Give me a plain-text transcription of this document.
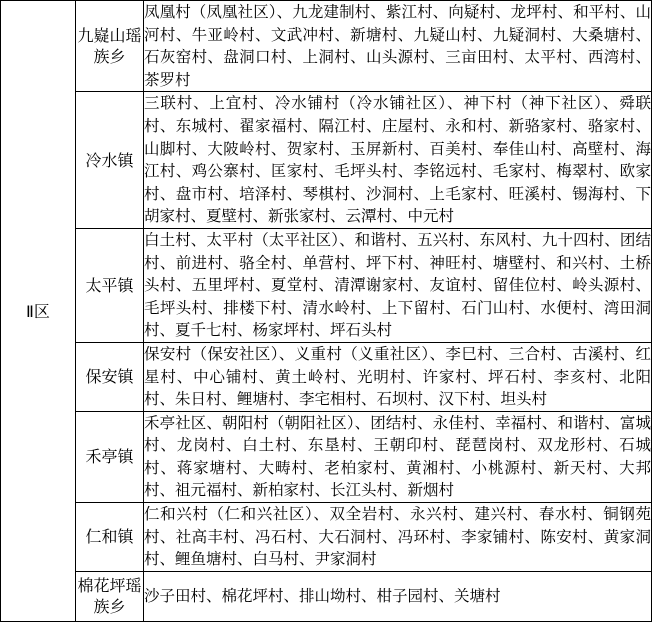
Ⅱ区	九嶷山瑶族乡	凤凰村（凤凰社区）、九龙建制村、紫江村、向疑村、龙坪村、和平村、山河村、牛亚岭村、文武冲村、新塘村、九疑山村、九疑洞村、大桑塘村、石灰窑村、盘洞口村、上洞村、山头源村、三亩田村、太平村、西湾村、茶罗村

	冷水镇	三联村、上宜村、冷水铺村（冷水铺社区）、神下村（神下社区）、舜联村、东城村、翟家福村、隔江村、庄屋村、永和村、新骆家村、骆家村、山脚村、大陂岭村、贺家村、玉屏新村、百美村、奉佳山村、高壁村、海江村、鸡公寨村、匡家村、毛坪头村、李铭远村、毛家村、梅翠村、欧家村、盘市村、培泽村、琴棋村、沙洞村、上毛家村、旺溪村、锡海村、下胡家村、夏壁村、新张家村、云潭村、中元村

	太平镇	白土村、太平村（太平社区）、和谐村、五兴村、东风村、九十四村、团结村、前进村、骆全村、单营村、坪下村、神旺村、塘壁村、和兴村、土桥头村、五里坪村、夏堂村、清潭谢家村、友谊村、留佳位村、岭头源村、毛坪头村、排楼下村、清水岭村、上下留村、石门山村、水便村、湾田洞村、夏千七村、杨家坪村、坪石头村

	保安镇	保安村（保安社区）、义重村（义重社区）、李巳村、三合村、古溪村、红星村、中心铺村、黄土岭村、光明村、许家村、坪石村、李亥村、北阳村、朱日村、鲤塘村、李宅相村、石坝村、汉下村、坦头村

	禾亭镇	禾亭社区、朝阳村（朝阳社区）、团结村、永佳村、幸福村、和谐村、富城村、龙岗村、白土村、东垦村、王朝印村、琵琶岗村、双龙形村、石城村、蒋家塘村、大畴村、老柏家村、黄湘村、小桃源村、新天村、大邦村、祖元福村、新柏家村、长江头村、新烟村

	仁和镇	仁和兴村（仁和兴社区）、双全岩村、永兴村、建兴村、春水村、铜钢苑村、社高丰村、冯石村、大石洞村、冯环村、李家铺村、陈安村、黄家洞村、鲤鱼塘村、白马村、尹家洞村

	棉花坪瑶族乡	沙子田村、棉花坪村、排山坳村、柑子园村、关塘村
